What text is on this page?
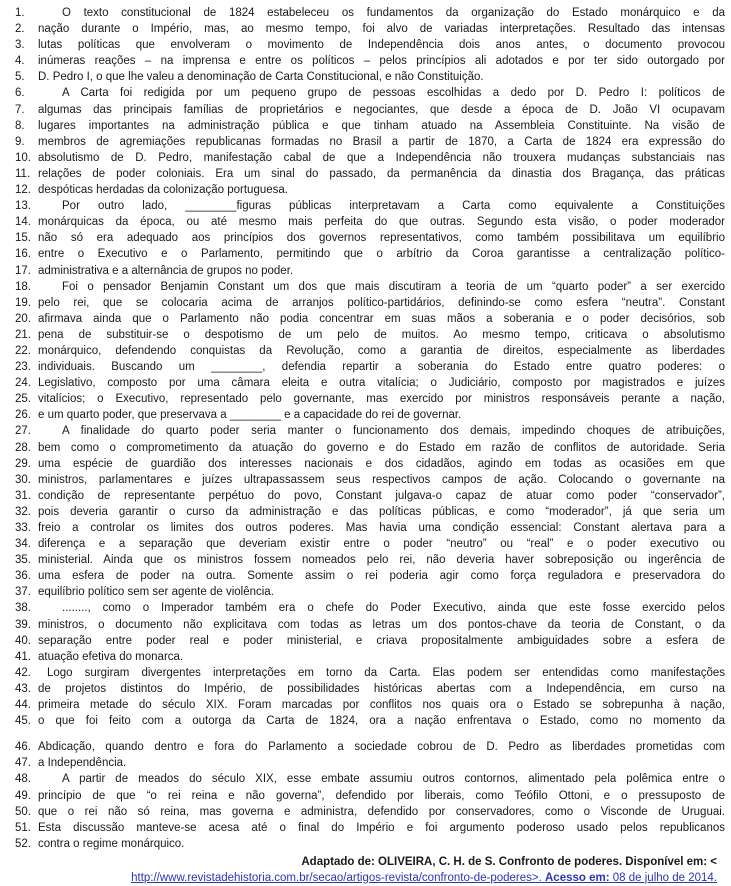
1.	O texto constitucional de 1824 estabeleceu os fundamentos da organização do Estado monárquico e da
2.	nação durante o Império, mas, ao mesmo tempo, foi alvo de variadas interpretações. Resultado das intensas
3.	lutas políticas que envolveram o movimento de Independência dois anos antes, o documento provocou
4.	inúmeras reações – na imprensa e entre os políticos – pelos princípios ali adotados e por ter sido outorgado por
5.	D. Pedro I, o que lhe valeu a denominação de Carta Constitucional, e não Constituição.
6.	A Carta foi redigida por um pequeno grupo de pessoas escolhidas a dedo por D. Pedro I: políticos de
7.	algumas das principais famílias de proprietários e negociantes, que desde a época de D. João VI ocupavam
8.	lugares importantes na administração pública e que tinham atuado na Assembleia Constituinte. Na visão de
9.	membros de agremiações republicanas formadas no Brasil a partir de 1870, a Carta de 1824 era expressão do
10. absolutismo de D. Pedro, manifestação cabal de que a Independência não trouxera mudanças substanciais nas
11. relações de poder coloniais. Era um sinal do passado, da permanência da dinastia dos Bragança, das práticas
12. despóticas herdadas da colonização portuguesa.
13.	Por outro lado, ________figuras públicas interpretavam a Carta como equivalente a Constituições
14. monárquicas da época, ou até mesmo mais perfeita do que outras. Segundo esta visão, o poder moderador
15. não só era adequado aos princípios dos governos representativos, como também possibilitava um equilíbrio
16. entre o Executivo e o Parlamento, permitindo que o arbítrio da Coroa garantisse a centralização político-
17. administrativa e a alternância de grupos no poder.
18.	Foi o pensador Benjamin Constant um dos que mais discutiram a teoria de um “quarto poder” a ser exercido
19. pelo rei, que se colocaria acima de arranjos político-partidários, definindo-se como esfera “neutra”. Constant
20. afirmava ainda que o Parlamento não podia concentrar em suas mãos a soberania e o poder decisórios, sob
21. pena de substituir-se o despotismo de um pelo de muitos. Ao mesmo tempo, criticava o absolutismo
22. monárquico, defendendo conquistas da Revolução, como a garantia de direitos, especialmente as liberdades
23. individuais. Buscando um ________, defendia repartir a soberania do Estado entre quatro poderes: o
24. Legislativo, composto por uma câmara eleita e outra vitalícia; o Judiciário, composto por magistrados e juízes
25. vitalícios; o Executivo, representado pelo governante, mas exercido por ministros responsáveis perante a nação,
26. e um quarto poder, que preservava a ________ e a capacidade do rei de governar.
27.	A finalidade do quarto poder seria manter o funcionamento dos demais, impedindo choques de atribuições,
28. bem como o comprometimento da atuação do governo e do Estado em razão de conflitos de autoridade. Seria
29. uma espécie de guardião dos interesses nacionais e dos cidadãos, agindo em todas as ocasiões em que
30. ministros, parlamentares e juízes ultrapassassem seus respectivos campos de ação. Colocando o governante na
31. condição de representante perpétuo do povo, Constant julgava-o capaz de atuar como poder “conservador”,
32. pois deveria garantir o curso da administração e das políticas públicas, e como “moderador”, já que seria um
33. freio a controlar os limites dos outros poderes. Mas havia uma condição essencial: Constant alertava para a
34. diferença e a separação que deveriam existir entre o poder “neutro” ou “real” e o poder executivo ou
35. ministerial. Ainda que os ministros fossem nomeados pelo rei, não deveria haver sobreposição ou ingerência de
36. uma esfera de poder na outra. Somente assim o rei poderia agir como força reguladora e preservadora do
37. equilíbrio político sem ser agente de violência.
38.	........, como o Imperador também era o chefe do Poder Executivo, ainda que este fosse exercido pelos
39. ministros, o documento não explicitava com todas as letras um dos pontos-chave da teoria de Constant, o da
40. separação entre poder real e poder ministerial, e criava propositalmente ambiguidades sobre a esfera de
41. atuação efetiva do monarca.
42.	Logo surgiram divergentes interpretações em torno da Carta. Elas podem ser entendidas como manifestações
43. de projetos distintos do Império, de possibilidades históricas abertas com a Independência, em curso na
44. primeira metade do século XIX. Foram marcadas por conflitos nos quais ora o Estado se sobrepunha à nação,
45. o que foi feito com a outorga da Carta de 1824, ora a nação enfrentava o Estado, como no momento da
46. Abdicação, quando dentro e fora do Parlamento a sociedade cobrou de D. Pedro as liberdades prometidas com
47. a Independência.
48.	A partir de meados do século XIX, esse embate assumiu outros contornos, alimentado pela polêmica entre o
49. princípio de que “o rei reina e não governa”, defendido por liberais, como Teófilo Ottoni, e o pressuposto de
50. que o rei não só reina, mas governa e administra, defendido por conservadores, como o Visconde de Uruguai.
51. Esta discussão manteve-se acesa até o final do Império e foi argumento poderoso usado pelos republicanos
52. contra o regime monárquico.
Adaptado de: OLIVEIRA, C. H. de S. Confronto de poderes. Disponível em: <
http://www.revistadehistoria.com.br/secao/artigos-revista/confronto-de-poderes>. Acesso em: 08 de julho de 2014.
